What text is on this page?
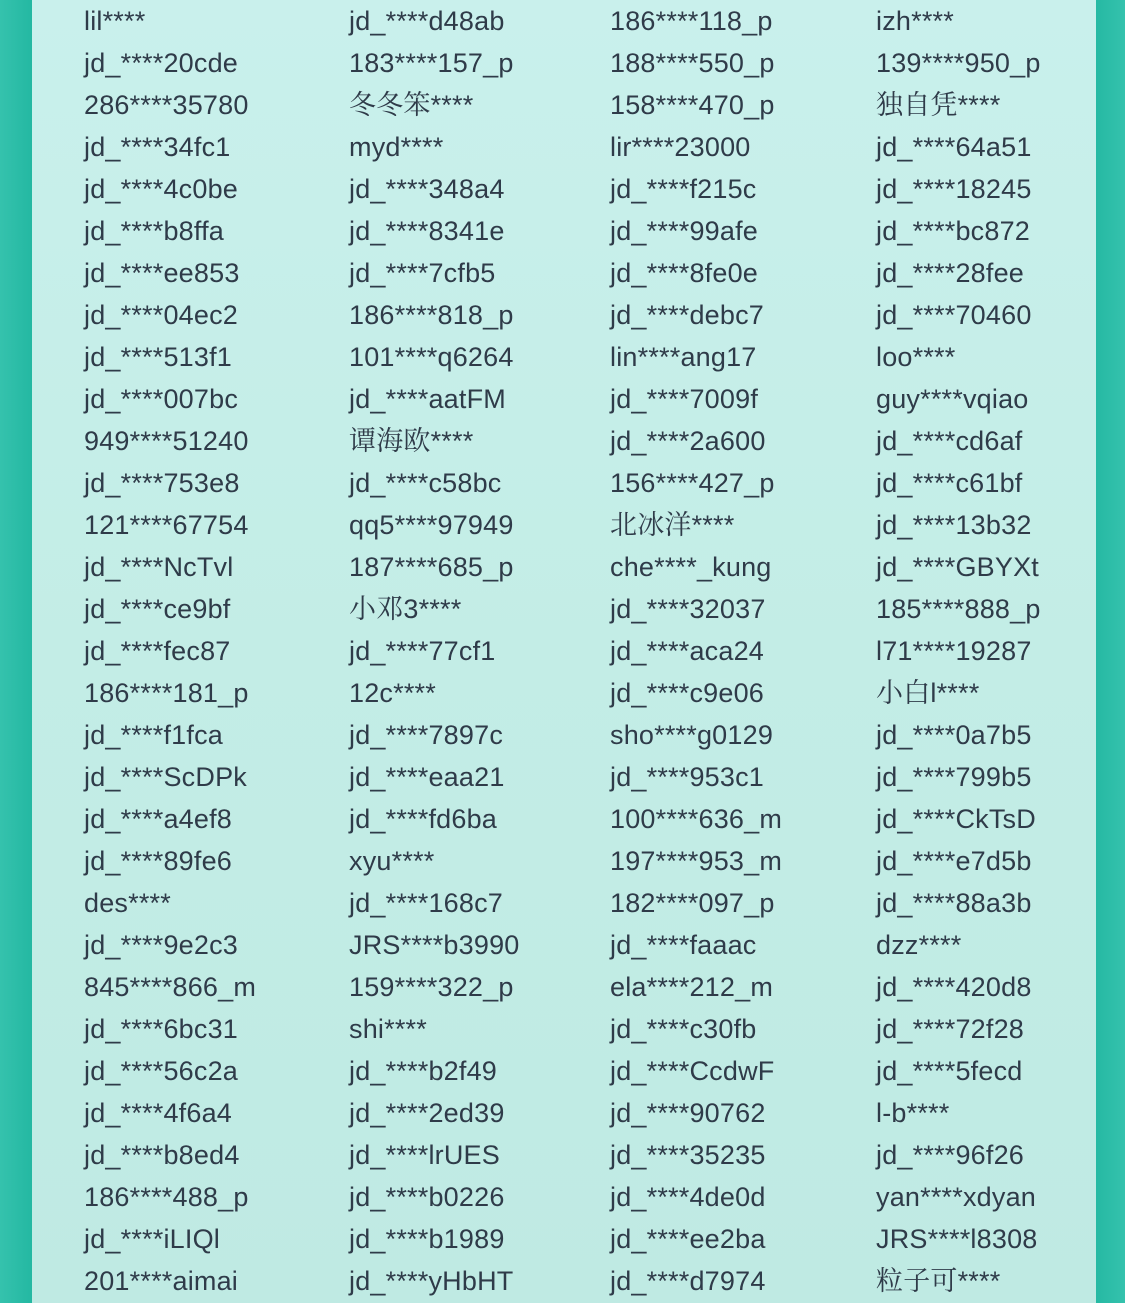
lil****	jd_****d48ab	186****118_p	izh****
jd_****20cde	183****157_p	188****550_p	139****950_p
286****35780	冬冬笨****	158****470_p	独自凭****
jd_****34fc1	myd****	lir****23000	jd_****64a51
jd_****4c0be	jd_****348a4	jd_****f215c	jd_****18245
jd_****b8ffa	jd_****8341e	jd_****99afe	jd_****bc872
jd_****ee853	jd_****7cfb5	jd_****8fe0e	jd_****28fee
jd_****04ec2	186****818_p	jd_****debc7	jd_****70460
jd_****513f1	101****q6264	lin****ang17	loo****
jd_****007bc	jd_****aatFM	jd_****7009f	guy****vqiao
949****51240	谭海欧****	jd_****2a600	jd_****cd6af
jd_****753e8	jd_****c58bc	156****427_p	jd_****c61bf
121****67754	qq5****97949	北冰洋****	jd_****13b32
jd_****NcTvl	187****685_p	che****_kung	jd_****GBYXt
jd_****ce9bf	小邓3****	jd_****32037	185****888_p
jd_****fec87	jd_****77cf1	jd_****aca24	l71****19287
186****181_p	12c****	jd_****c9e06	小白l****
jd_****f1fca	jd_****7897c	sho****g0129	jd_****0a7b5
jd_****ScDPk	jd_****eaa21	jd_****953c1	jd_****799b5
jd_****a4ef8	jd_****fd6ba	100****636_m	jd_****CkTsD
jd_****89fe6	xyu****	197****953_m	jd_****e7d5b
des****	jd_****168c7	182****097_p	jd_****88a3b
jd_****9e2c3	JRS****b3990	jd_****faaac	dzz****
845****866_m	159****322_p	ela****212_m	jd_****420d8
jd_****6bc31	shi****	jd_****c30fb	jd_****72f28
jd_****56c2a	jd_****b2f49	jd_****CcdwF	jd_****5fecd
jd_****4f6a4	jd_****2ed39	jd_****90762	l-b****
jd_****b8ed4	jd_****lrUES	jd_****35235	jd_****96f26
186****488_p	jd_****b0226	jd_****4de0d	yan****xdyan
jd_****iLIQl	jd_****b1989	jd_****ee2ba	JRS****l8308
201****aimai	jd_****yHbHT	jd_****d7974	粒子可****
